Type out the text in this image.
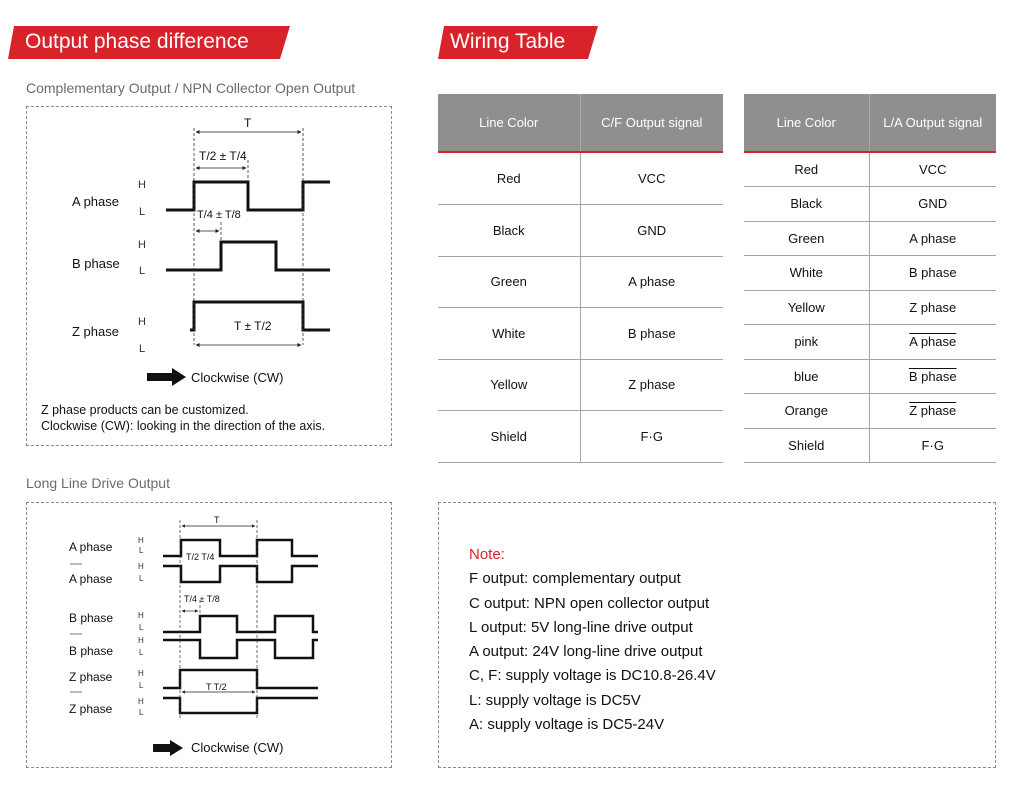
Output phase difference	Wiring Table
Complementary Output / NPN Collector Open Output
Long Line Drive Output
A phase
B phase
Z phase
H
L
H
L
H
L
T
T/2 ± T/4
T/4 ± T/8
T ± T/2
A phase
A phase
B phase
B phase
Z phase
Z phase
H
L
H
L
H
L
H
L
H
L
H
L
T
T/2 T/4
T/4 ± T/8
T T/2
Clockwise (CW)
Z phase products can be customized.
Clockwise (CW): looking in the direction of the axis.
Clockwise (CW)
Line Color	C/F Output signal
Red	VCC
Black	GND
Green	A phase
White	B phase
Yellow	Z phase
Shield	F·G
Line Color	L/A Output signal
Red	VCC
Black	GND
Green	A phase
White	B phase
Yellow	Z phase
pink	A phase
blue	B phase
Orange	Z phase
Shield	F·G
Note:
F output: complementary output
C output: NPN open collector output
L output: 5V long-line drive output
A output: 24V long-line drive output
C, F: supply voltage is DC10.8-26.4V
L: supply voltage is DC5V
A: supply voltage is DC5-24V
